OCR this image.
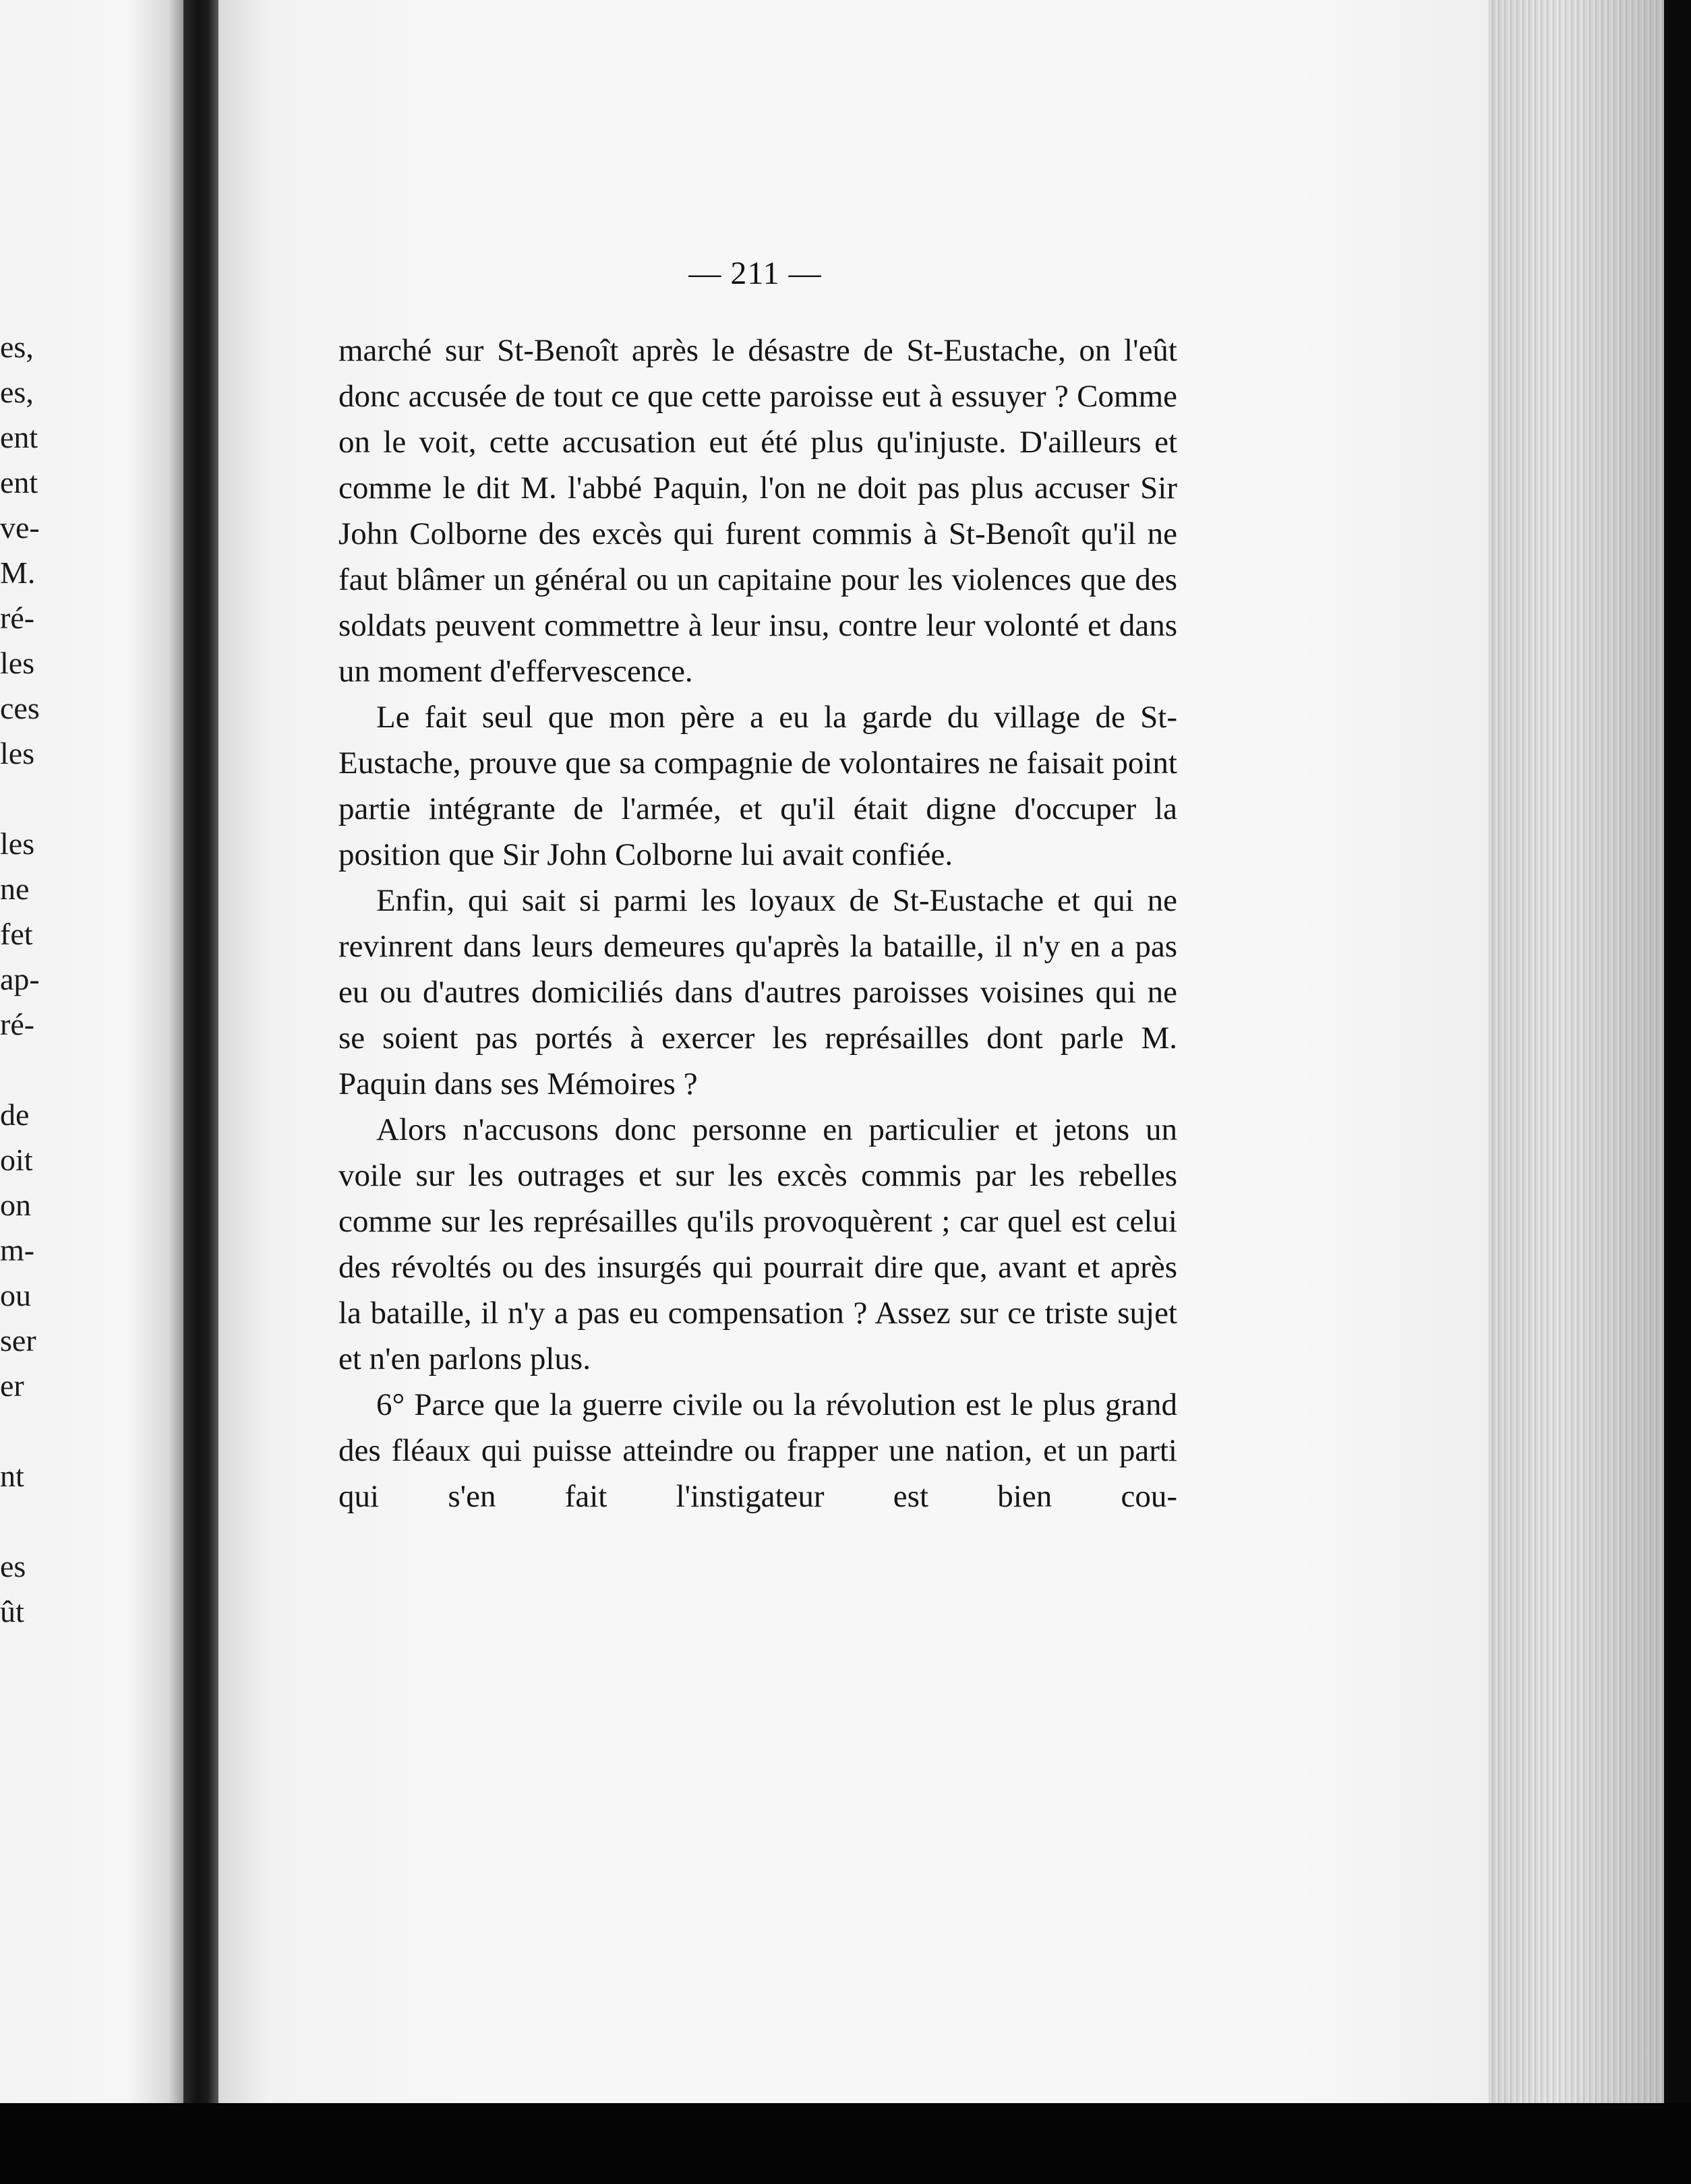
es,
es,
ent
ent
ve-
M.
ré-
les
ces
les
les
ne
fet
ap-
ré-
de
oit
on
m-
ou
ser
er
nt
es
ût
— 211 —

marché sur St-Benoît après le désastre de St-Eustache, on l'eût donc accusée de tout ce que cette paroisse eut à essuyer ? Comme on le voit, cette accusation eut été plus qu'injuste. D'ailleurs et comme le dit M. l'abbé Paquin, l'on ne doit pas plus accuser Sir John Colborne des excès qui furent commis à St-Benoît qu'il ne faut blâmer un général ou un capitaine pour les violences que des soldats peuvent commettre à leur insu, contre leur volonté et dans un moment d'effervescence.

Le fait seul que mon père a eu la garde du village de St-Eustache, prouve que sa compagnie de volontaires ne faisait point partie intégrante de l'armée, et qu'il était digne d'occuper la position que Sir John Colborne lui avait confiée.

Enfin, qui sait si parmi les loyaux de St-Eustache et qui ne revinrent dans leurs demeures qu'après la bataille, il n'y en a pas eu ou d'autres domiciliés dans d'autres paroisses voisines qui ne se soient pas portés à exercer les représailles dont parle M. Paquin dans ses Mémoires ?

Alors n'accusons donc personne en particulier et jetons un voile sur les outrages et sur les excès commis par les rebelles comme sur les représailles qu'ils provoquèrent ; car quel est celui des révoltés ou des insurgés qui pourrait dire que, avant et après la bataille, il n'y a pas eu compensation ? Assez sur ce triste sujet et n'en parlons plus.

6° Parce que la guerre civile ou la révolution est le plus grand des fléaux qui puisse atteindre ou frapper une nation, et un parti qui s'en fait l'instigateur est bien cou-
